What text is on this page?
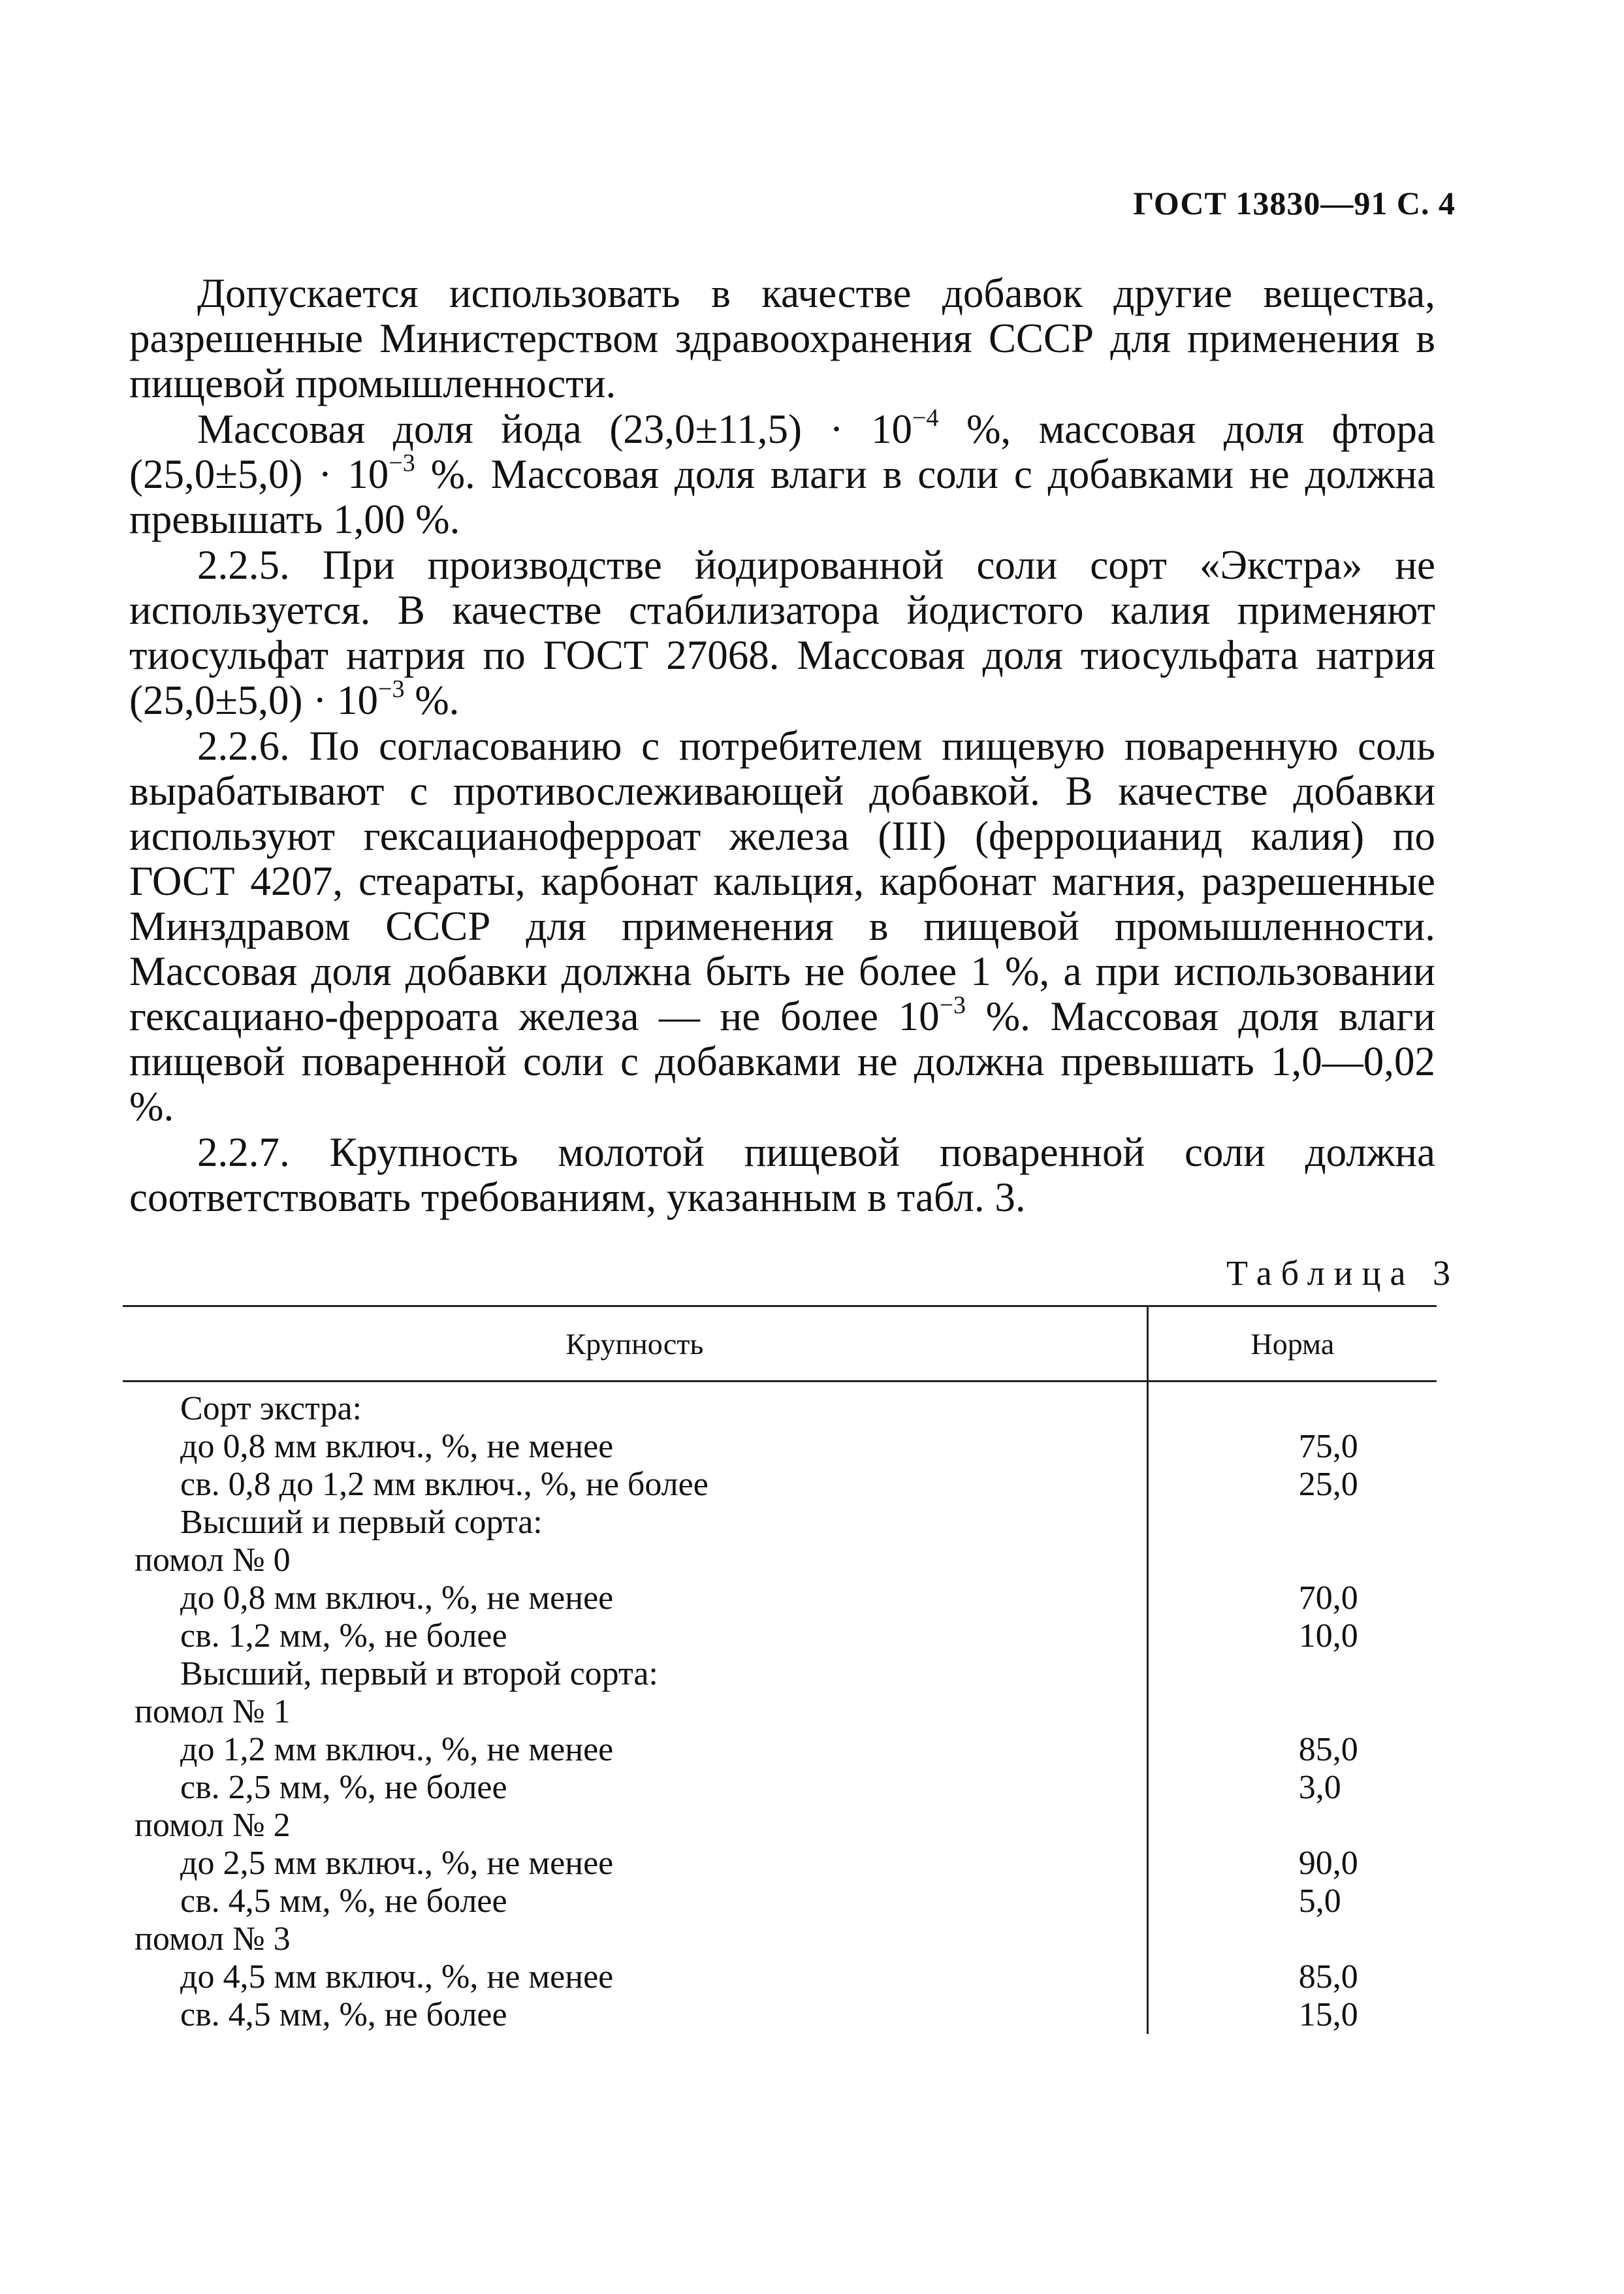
ГОСТ 13830—91 С. 4

Допускается использовать в качестве добавок другие вещества, разрешенные Министерством здравоохранения СССР для применения в пищевой промышленности.

Массовая доля йода $(23,0\pm 11,5) \cdot 10^{-4}$ %, массовая доля фтора $(25,0\pm 5,0) \cdot 10^{-3}$ %. Массовая доля влаги в соли с добавками не должна превышать 1,00 %.

2.2.5. При производстве йодированной соли сорт «Экстра» не используется. В качестве стабилизатора йодистого калия применяют тиосульфат натрия по ГОСТ 27068. Массовая доля тиосульфата натрия $(25,0\pm 5,0) \cdot 10^{-3}$ %.

2.2.6. По согласованию с потребителем пищевую поваренную соль вырабатывают с противослеживающей добавкой. В качестве добавки используют гексацианоферроат железа (III) (ферроцианид калия) по ГОСТ 4207, стеараты, карбонат кальция, карбонат магния, разрешенные Минздравом СССР для применения в пищевой промышленности. Массовая доля добавки должна быть не более 1 %, а при использовании гексациано-ферроата железа — не более $10^{-3}$ %. Массовая доля влаги пищевой поваренной соли с добавками не должна превышать 1,0—0,02 %.

2.2.7. Крупность молотой пищевой поваренной соли должна соответствовать требованиям, указанным в табл. 3.

Таблица 3
Крупность	Норма
Сорт экстра:	
до 0,8 мм включ., %, не менее	75,0
св. 0,8 до 1,2 мм включ., %, не более	25,0
Высший и первый сорта:	
помол № 0	
до 0,8 мм включ., %, не менее	70,0
св. 1,2 мм, %, не более	10,0
Высший, первый и второй сорта:	
помол № 1	
до 1,2 мм включ., %, не менее	85,0
св. 2,5 мм, %, не более	3,0
помол № 2	
до 2,5 мм включ., %, не менее	90,0
св. 4,5 мм, %, не более	5,0
помол № 3	
до 4,5 мм включ., %, не менее	85,0
св. 4,5 мм, %, не более	15,0
